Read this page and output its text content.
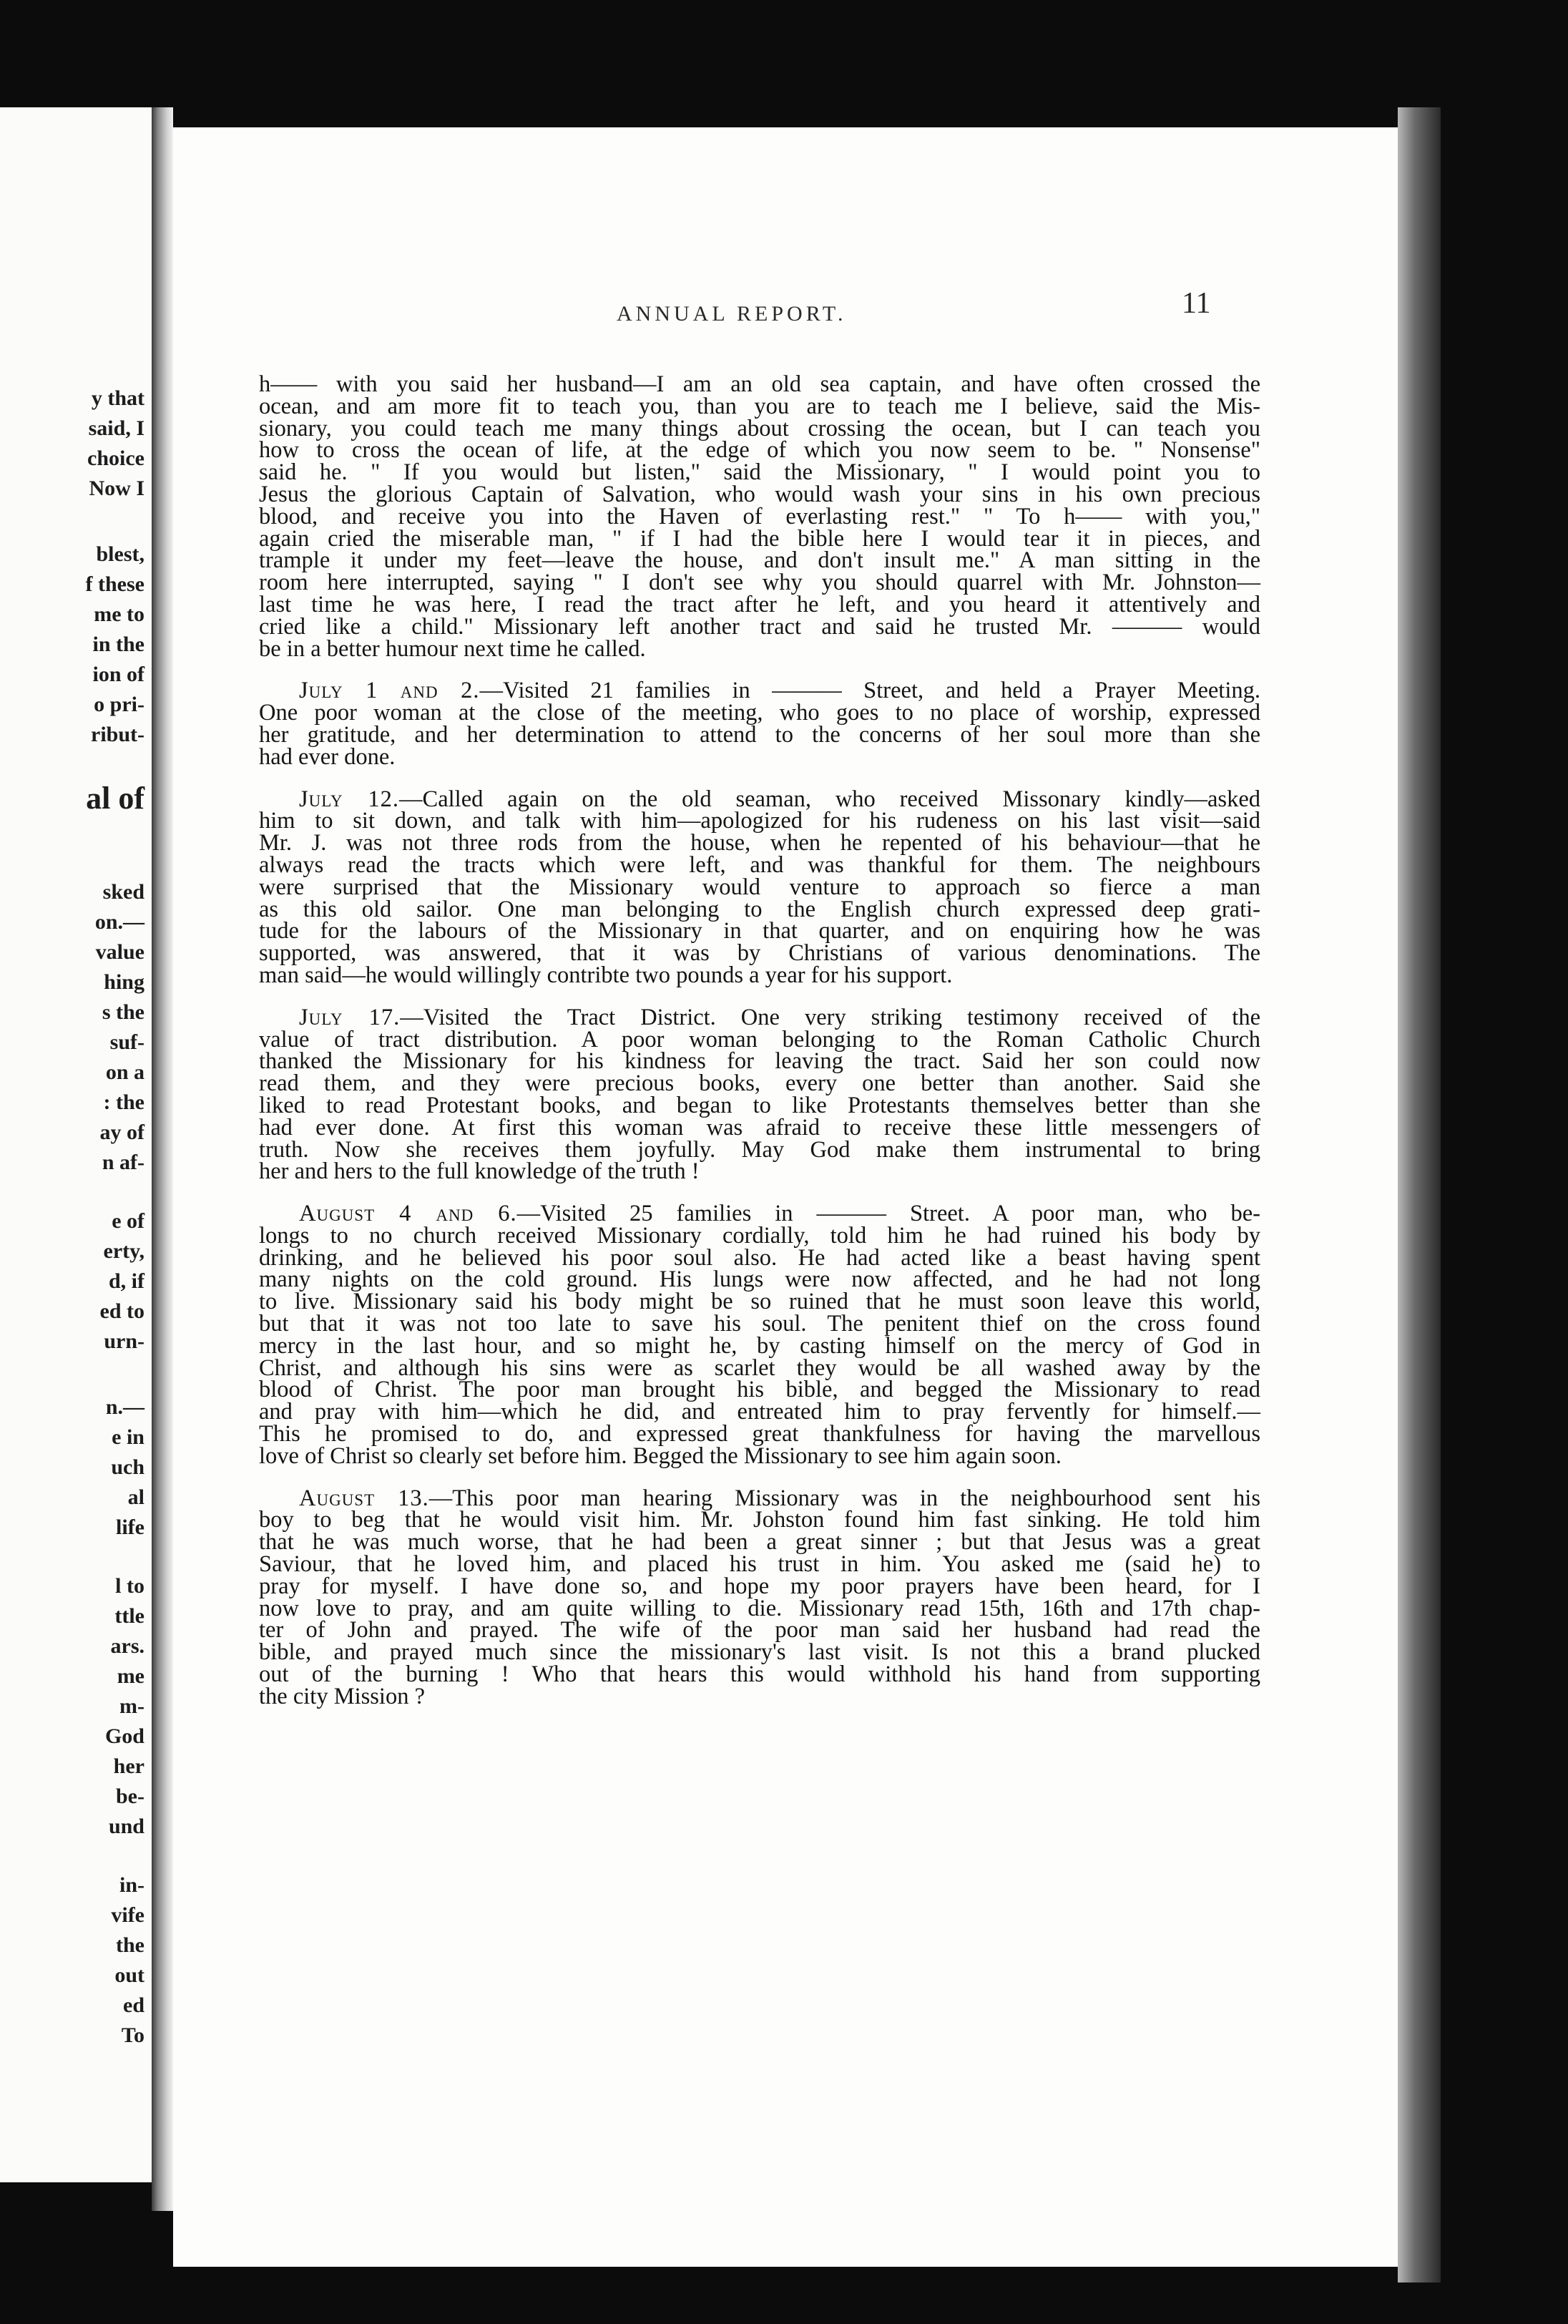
y that

said, I

choice

Now I

blest,

f these

me to

in the

ion of

o pri-

ribut-

al of

sked

on.—

value

hing

s the

suf-

on a

: the

ay of

n af-

e of

erty,

d, if

ed to

urn-

n.—

e in

uch

al

life

l to

ttle

ars.

me

m-

God

her

be-

und

in-

vife

the

out

ed

To

ANNUAL REPORT.	11

h—— with you said her husband—I am an old sea captain, and have often crossed the

ocean, and am more fit to teach you, than you are to teach me I believe, said the Mis-

sionary, you could teach me many things about crossing the ocean, but I can teach you

how to cross the ocean of life, at the edge of which you now seem to be. " Nonsense"

said he. " If you would but listen," said the Missionary, " I would point you to

Jesus the glorious Captain of Salvation, who would wash your sins in his own precious

blood, and receive you into the Haven of everlasting rest." " To h—— with you,"

again cried the miserable man, " if I had the bible here I would tear it in pieces, and

trample it under my feet—leave the house, and don't insult me." A man sitting in the

room here interrupted, saying " I don't see why you should quarrel with Mr. Johnston—

last time he was here, I read the tract after he left, and you heard it attentively and

cried like a child." Missionary left another tract and said he trusted Mr. ——— would

be in a better humour next time he called.

July 1 and 2.—Visited 21 families in ——— Street, and held a Prayer Meeting.

One poor woman at the close of the meeting, who goes to no place of worship, expressed

her gratitude, and her determination to attend to the concerns of her soul more than she

had ever done.

July 12.—Called again on the old seaman, who received Missonary kindly—asked

him to sit down, and talk with him—apologized for his rudeness on his last visit—said

Mr. J. was not three rods from the house, when he repented of his behaviour—that he

always read the tracts which were left, and was thankful for them. The neighbours

were surprised that the Missionary would venture to approach so fierce a man

as this old sailor. One man belonging to the English church expressed deep grati-

tude for the labours of the Missionary in that quarter, and on enquiring how he was

supported, was answered, that it was by Christians of various denominations. The

man said—he would willingly contribte two pounds a year for his support.

July 17.—Visited the Tract District. One very striking testimony received of the

value of tract distribution. A poor woman belonging to the Roman Catholic Church

thanked the Missionary for his kindness for leaving the tract. Said her son could now

read them, and they were precious books, every one better than another. Said she

liked to read Protestant books, and began to like Protestants themselves better than she

had ever done. At first this woman was afraid to receive these little messengers of

truth. Now she receives them joyfully. May God make them instrumental to bring

her and hers to the full knowledge of the truth !

August 4 and 6.—Visited 25 families in ——— Street. A poor man, who be-

longs to no church received Missionary cordially, told him he had ruined his body by

drinking, and he believed his poor soul also. He had acted like a beast having spent

many nights on the cold ground. His lungs were now affected, and he had not long

to live. Missionary said his body might be so ruined that he must soon leave this world,

but that it was not too late to save his soul. The penitent thief on the cross found

mercy in the last hour, and so might he, by casting himself on the mercy of God in

Christ, and although his sins were as scarlet they would be all washed away by the

blood of Christ. The poor man brought his bible, and begged the Missionary to read

and pray with him—which he did, and entreated him to pray fervently for himself.—

This he promised to do, and expressed great thankfulness for having the marvellous

love of Christ so clearly set before him. Begged the Missionary to see him again soon.

August 13.—This poor man hearing Missionary was in the neighbourhood sent his

boy to beg that he would visit him. Mr. Johston found him fast sinking. He told him

that he was much worse, that he had been a great sinner ; but that Jesus was a great

Saviour, that he loved him, and placed his trust in him. You asked me (said he) to

pray for myself. I have done so, and hope my poor prayers have been heard, for I

now love to pray, and am quite willing to die. Missionary read 15th, 16th and 17th chap-

ter of John and prayed. The wife of the poor man said her husband had read the

bible, and prayed much since the missionary's last visit. Is not this a brand plucked

out of the burning ! Who that hears this would withhold his hand from supporting

the city Mission ?
